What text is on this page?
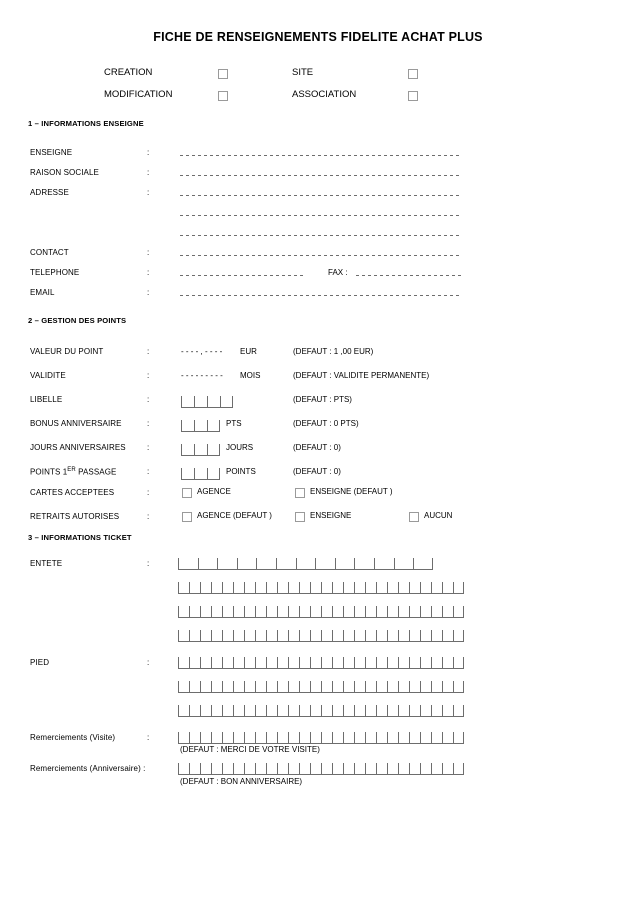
FICHE DE RENSEIGNEMENTS FIDELITE ACHAT PLUS
CREATION	SITE
MODIFICATION	ASSOCIATION
1 – INFORMATIONS ENSEIGNE
ENSEIGNE	:
RAISON SOCIALE	:
ADRESSE	:
CONTACT	:
TELEPHONE	:	FAX :
EMAIL	:
2 – GESTION DES POINTS
VALEUR DU POINT	:	- - - - , - - - - EUR	(DEFAUT : 1 ,00 EUR)
VALIDITE	:	- - - - - - - - - MOIS	(DEFAUT : VALIDITE PERMANENTE)
LIBELLE	:	(DEFAUT : PTS)
BONUS ANNIVERSAIRE	:	PTS	(DEFAUT : 0 PTS)
JOURS ANNIVERSAIRES	:	JOURS	(DEFAUT : 0)
POINTS 1ER PASSAGE	:	POINTS	(DEFAUT : 0)
CARTES ACCEPTEES	:	AGENCE	ENSEIGNE (DEFAUT )
RETRAITS AUTORISES	:	AGENCE (DEFAUT )	ENSEIGNE	AUCUN
3 – INFORMATIONS TICKET
ENTETE	:
PIED	:
Remerciements (Visite)	:
(DEFAUT : MERCI DE VOTRE VISITE)
Remerciements (Anniversaire) :
(DEFAUT : BON ANNIVERSAIRE)
